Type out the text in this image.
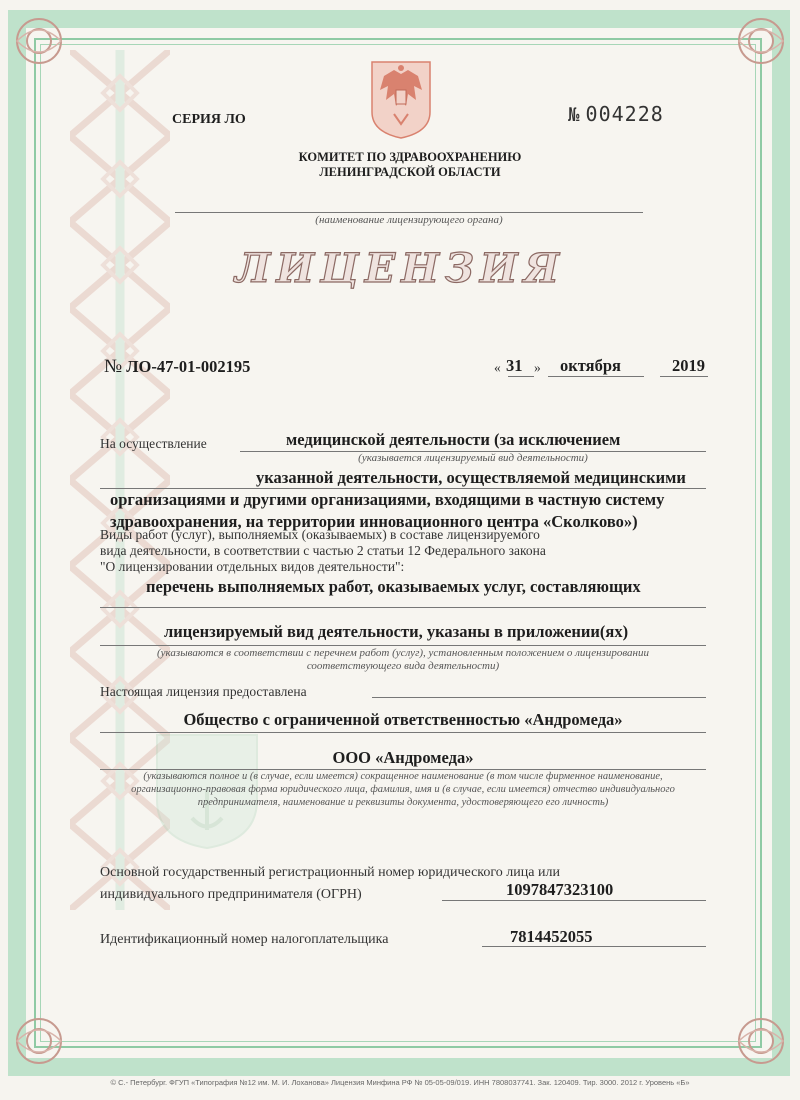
СЕРИЯ ЛО	№ 004228
КОМИТЕТ ПО ЗДРАВООХРАНЕНИЮ
ЛЕНИНГРАДСКОЙ ОБЛАСТИ
(наименование лицензирующего органа)
ЛИЦЕНЗИЯ
№ ЛО-47-01-002195	« 31 » октября	2019
На осуществление	медицинской деятельности (за исключением
(указывается лицензируемый вид деятельности)
указанной деятельности, осуществляемой медицинскими
организациями и другими организациями, входящими в частную систему
здравоохранения, на территории инновационного центра «Сколково»)
Виды работ (услуг), выполняемых (оказываемых) в составе лицензируемого
вида деятельности, в соответствии с частью 2 статьи 12 Федерального закона
"О лицензировании отдельных видов деятельности":
перечень выполняемых работ, оказываемых услуг, составляющих
лицензируемый вид деятельности, указаны в приложении(ях)
(указываются в соответствии с перечнем работ (услуг), установленным положением о лицензировании
соответствующего вида деятельности)
Настоящая лицензия предоставлена
Общество с ограниченной ответственностью «Андромеда»
ООО «Андромеда»
(указываются полное и (в случае, если имеется) сокращенное наименование (в том числе фирменное наименование,
организационно-правовая форма юридического лица, фамилия, имя и (в случае, если имеется) отчество индивидуального
предпринимателя, наименование и реквизиты документа, удостоверяющего его личность)
Основной государственный регистрационный номер юридического лица или
индивидуального предпринимателя (ОГРН)	1097847323100
Идентификационный номер налогоплательщика	7814452055
© С.- Петербург. ФГУП «Типография №12 им. М. И. Лоханова» Лицензия Минфина РФ № 05-05-09/019. ИНН 7808037741. Зак. 120409. Тир. 3000. 2012 г. Уровень «Б»
